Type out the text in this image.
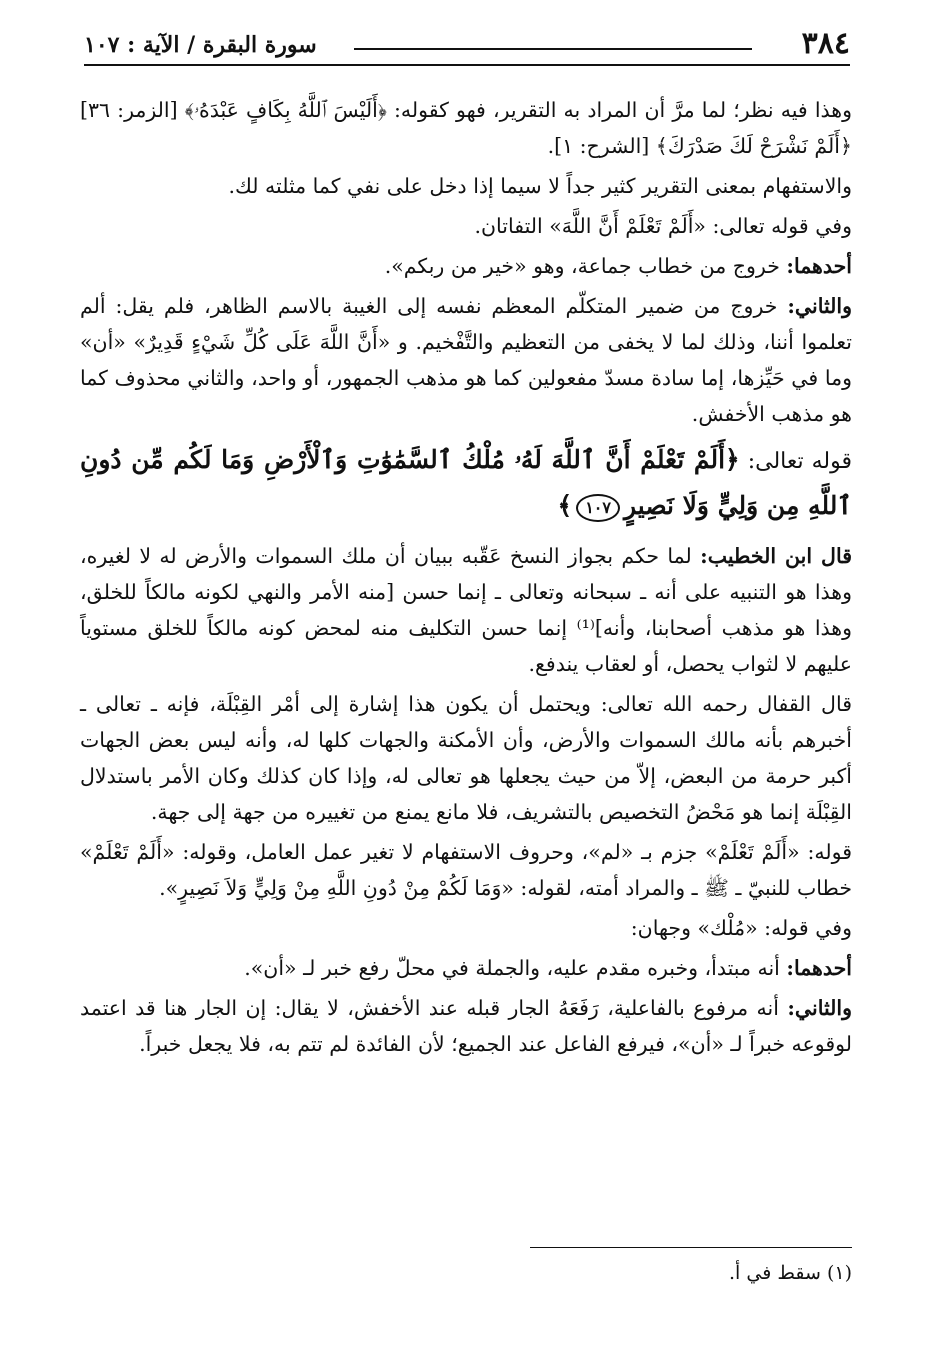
٣٨٤
سورة البقرة / الآية : ١٠٧

وهذا فيه نظر؛ لما مرَّ أن المراد به التقرير، فهو كقوله: ﴿أَلَيْسَ ٱللَّهُ بِكَافٍ عَبْدَهُۥ﴾ [الزمر: ٣٦] ﴿أَلَمْ نَشْرَحْ لَكَ صَدْرَكَ﴾ [الشرح: ١].

والاستفهام بمعنى التقرير كثير جداً لا سيما إذا دخل على نفي كما مثلته لك.

وفي قوله تعالى: «أَلَمْ تَعْلَمْ أَنَّ اللَّهَ» التفاتان.

أحدهما: خروج من خطاب جماعة، وهو «خير من ربكم».

والثاني: خروج من ضمير المتكلّم المعظم نفسه إلى الغيبة بالاسم الظاهر، فلم يقل: ألم تعلموا أننا، وذلك لما لا يخفى من التعظيم والتَّفْخيم. و «أَنَّ اللَّهَ عَلَى كُلِّ شَيْءٍ قَدِيرٌ» «أن» وما في حَيِّزها، إما سادة مسدّ مفعولين كما هو مذهب الجمهور، أو واحد، والثاني محذوف كما هو مذهب الأخفش.

قوله تعالى: ﴿أَلَمْ تَعْلَمْ أَنَّ ٱللَّهَ لَهُۥ مُلْكُ ٱلسَّمَٰوَٰتِ وَٱلْأَرْضِ وَمَا لَكُم مِّن دُونِ ٱللَّهِ مِن وَلِيٍّ وَلَا نَصِيرٍ١٠٧﴾

قال ابن الخطيب: لما حكم بجواز النسخ عَقّبه ببيان أن ملك السموات والأرض له لا لغيره، وهذا هو التنبيه على أنه ـ سبحانه وتعالى ـ إنما حسن [منه الأمر والنهي لكونه مالكاً للخلق، وهذا هو مذهب أصحابنا، وأنه]⁽¹⁾ إنما حسن التكليف منه لمحض كونه مالكاً للخلق مستوياً عليهم لا لثواب يحصل، أو لعقاب يندفع.

قال القفال رحمه الله تعالى: ويحتمل أن يكون هذا إشارة إلى أمْر القِبْلَة، فإنه ـ تعالى ـ أخبرهم بأنه مالك السموات والأرض، وأن الأمكنة والجهات كلها له، وأنه ليس بعض الجهات أكبر حرمة من البعض، إلاّ من حيث يجعلها هو تعالى له، وإذا كان كذلك وكان الأمر باستدلال القِبْلَة إنما هو مَحْضُ التخصيص بالتشريف، فلا مانع يمنع من تغييره من جهة إلى جهة.

قوله: «أَلَمْ تَعْلَمْ» جزم بـ «لم»، وحروف الاستفهام لا تغير عمل العامل، وقوله: «أَلَمْ تَعْلَمْ» خطاب للنبيّ ـ ﷺ ـ والمراد أمته، لقوله: «وَمَا لَكُمْ مِنْ دُونِ اللَّهِ مِنْ وَلِيٍّ وَلاَ نَصِيرٍ».

وفي قوله: «مُلْك» وجهان:

أحدهما: أنه مبتدأ، وخبره مقدم عليه، والجملة في محلّ رفع خبر لـ «أن».

والثاني: أنه مرفوع بالفاعلية، رَفَعَهُ الجار قبله عند الأخفش، لا يقال: إن الجار هنا قد اعتمد لوقوعه خبراً لـ «أن»، فيرفع الفاعل عند الجميع؛ لأن الفائدة لم تتم به، فلا يجعل خبراً.

(١) سقط في أ.
